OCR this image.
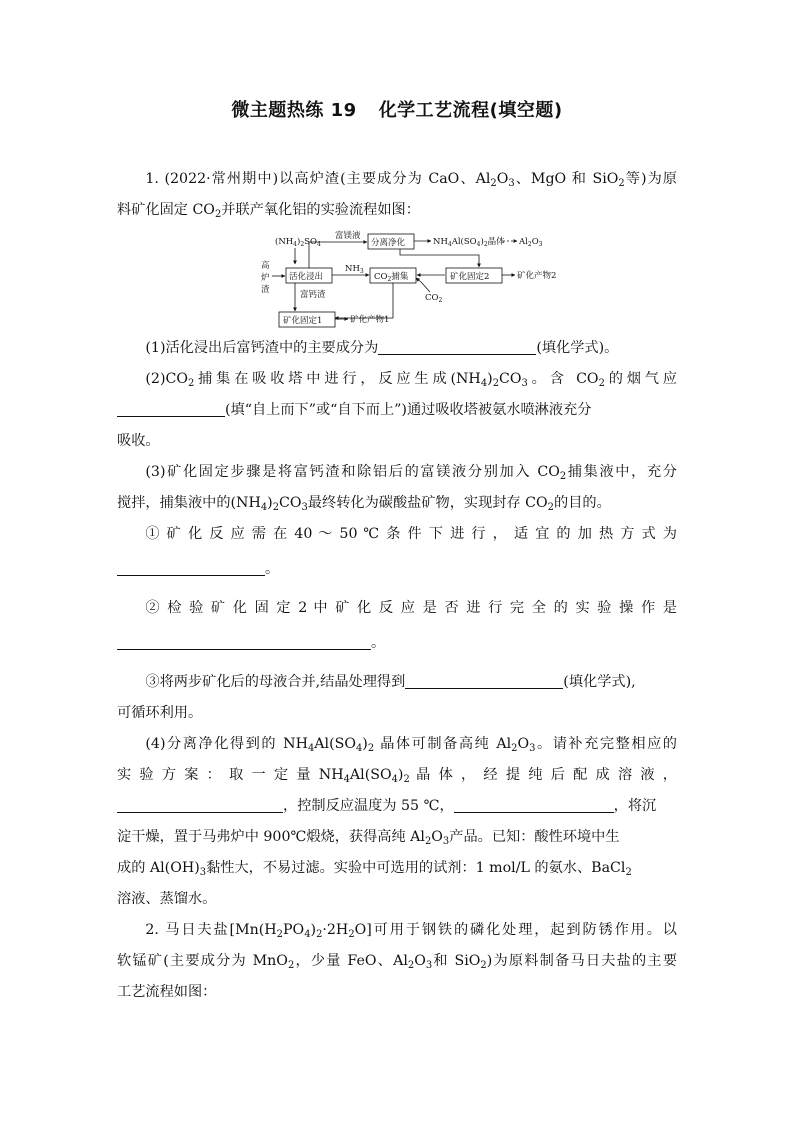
微主题热练 19 化学工艺流程(填空题)

1. (2022·常州期中)以高炉渣(主要成分为 CaO、$Al_2O_3$、MgO 和 SiO$_2$等)为原

料矿化固定 $CO_2$并联产氧化铝的实验流程如图：

$(NH_4)_2SO_4$
高
炉
渣
活化浸出
富镁液
分离净化	$NH_4Al(SO_4)_2$晶体 $Al_2O_3$
$NH_3$
$CO_2$捕集
$CO_2$
矿化固定2	矿化产物2
富钙渣
矿化固定1	矿化产物1

(1)活化浸出后富钙渣中的主要成分为	(填化学式)。

$(2)CO_2$捕集在吸收塔中进行，反应生成$(NH_4)_2CO_3$。含 $CO_2$的烟气应

(填“自上而下”或“自下而上”)通过吸收塔被氨水喷淋液充分

吸收。

(3)矿化固定步骤是将富钙渣和除铝后的富镁液分别加入 $CO_2$捕集液中，充分

搅拌，捕集液中的$(NH_4)_2CO_3$最终转化为碳酸盐矿物，实现封存 $CO_2$的目的。

① 矿 化 反 应 需 在 40 ～ 50 ℃ 条 件 下 进 行 ， 适 宜 的 加 热 方 式 为

。

② 检 验 矿 化 固 定 2 中 矿 化 反 应 是 否 进 行 完 全 的 实 验 操 作 是

。

③将两步矿化后的母液合并,结晶处理得到	(填化学式),

可循环利用。

(4)分离净化得到的 $NH_4Al(SO_4)_2$ 晶体可制备高纯 $Al_2O_3$。请补充完整相应的

实 验 方 案 ： 取 一 定 量 $NH_4Al(SO_4)_2$ 晶 体 ， 经 提 纯 后 配 成 溶 液 ，

，控制反应温度为 55 ℃，	，将沉

淀干燥，置于马弗炉中 900℃煅烧，获得高纯 $Al_2O_3$产品。已知：酸性环境中生

成的 $Al(OH)_3$黏性大，不易过滤。实验中可选用的试剂：1 mol/L 的氨水、BaCl$_2$

溶液、蒸馏水。

2. 马日夫盐$[Mn(H_2PO_4)_2\cdot 2H_2O]$可用于钢铁的磷化处理，起到防锈作用。以

软锰矿(主要成分为 MnO$_2$，少量 FeO、$Al_2O_3$和 SiO$_2$)为原料制备马日夫盐的主要

工艺流程如图：
